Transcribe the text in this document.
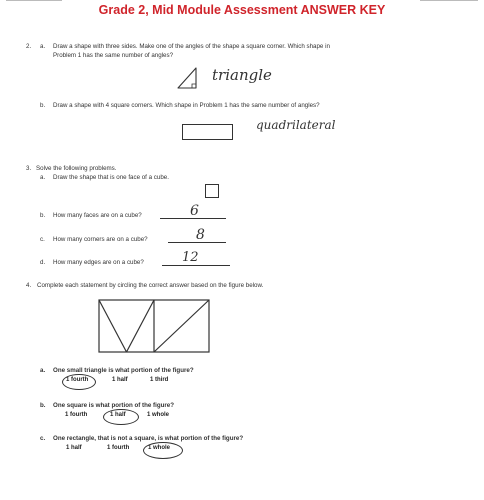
Grade 2, Mid Module Assessment ANSWER KEY
2. a. Draw a shape with three sides. Make one of the angles of the shape a square corner. Which shape in
Problem 1 has the same number of angles?
triangle
b. Draw a shape with 4 square corners. Which shape in Problem 1 has the same number of angles?
quadrilateral
3. Solve the following problems.
a. Draw the shape that is one face of a cube.
b. How many faces are on a cube?	6
c. How many corners are on a cube?	8
d. How many edges are on a cube?	12
4. Complete each statement by circling the correct answer based on the figure below.
a. One small triangle is what portion of the figure?
1 fourth	1 half	1 third
b. One square is what portion of the figure?
1 fourth	1 half	1 whole
c. One rectangle, that is not a square, is what portion of the figure?
1 half	1 fourth	1 whole
